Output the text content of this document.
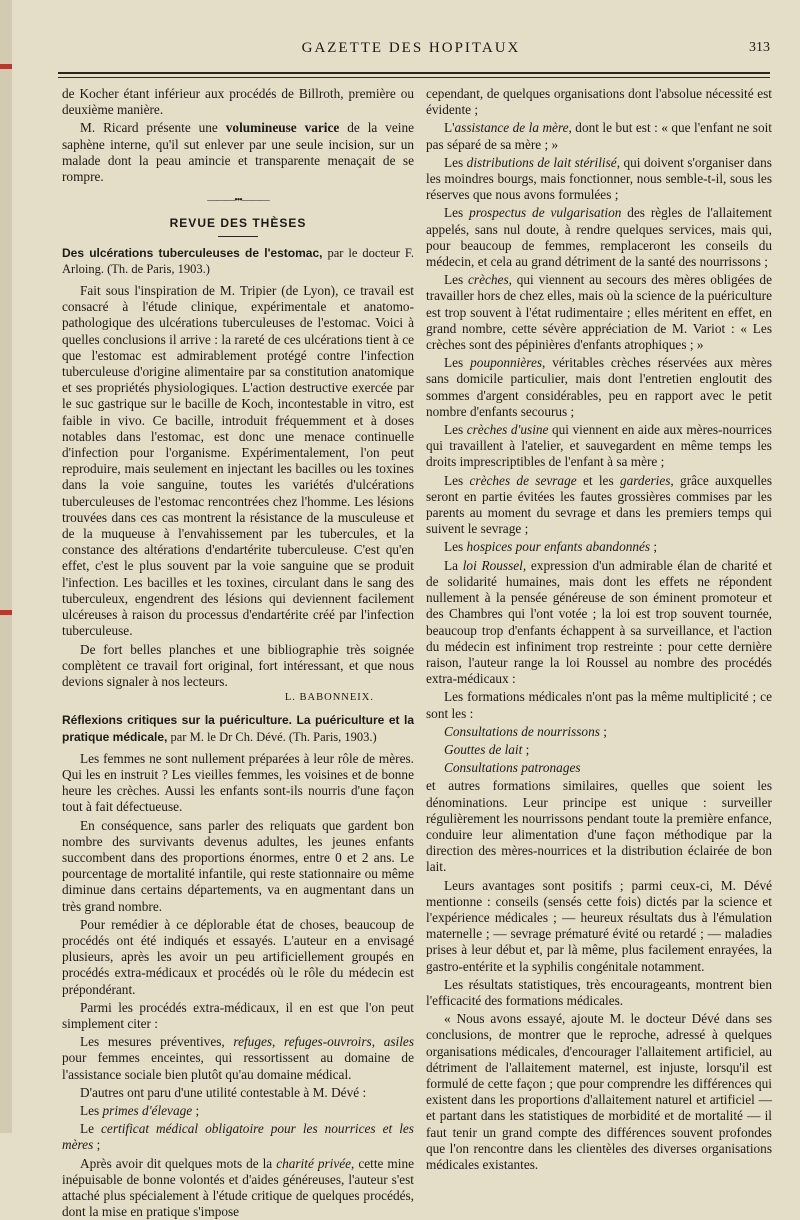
GAZETTE DES HOPITAUX	313

de Kocher étant inférieur aux procédés de Billroth, première ou deuxième manière.

M. Ricard présente une volumineuse varice de la veine saphène interne, qu'il sut enlever par une seule incision, sur un malade dont la peau amincie et transparente menaçait de se rompre.

———•••———
REVUE DES THÈSES

Des ulcérations tuberculeuses de l'estomac, par le docteur F. Arloing. (Th. de Paris, 1903.)

Fait sous l'inspiration de M. Tripier (de Lyon), ce travail est consacré à l'étude clinique, expérimentale et anatomo-pathologique des ulcérations tuberculeuses de l'estomac. Voici à quelles conclusions il arrive : la rareté de ces ulcérations tient à ce que l'estomac est admirablement protégé contre l'infection tuberculeuse d'origine alimentaire par sa constitution anatomique et ses propriétés physiologiques. L'action destructive exercée par le suc gastrique sur le bacille de Koch, incontestable in vitro, est faible in vivo. Ce bacille, introduit fréquemment et à doses notables dans l'estomac, est donc une menace continuelle d'infection pour l'organisme. Expérimentalement, l'on peut reproduire, mais seulement en injectant les bacilles ou les toxines dans la voie sanguine, toutes les variétés d'ulcérations tuberculeuses de l'estomac rencontrées chez l'homme. Les lésions trouvées dans ces cas montrent la résistance de la musculeuse et de la muqueuse à l'envahissement par les tubercules, et la constance des altérations d'endartérite tuberculeuse. C'est qu'en effet, c'est le plus souvent par la voie sanguine que se produit l'infection. Les bacilles et les toxines, circulant dans le sang des tuberculeux, engendrent des lésions qui deviennent facilement ulcéreuses à raison du processus d'endartérite créé par l'infection tuberculeuse.

De fort belles planches et une bibliographie très soignée complètent ce travail fort original, fort intéressant, et que nous devions signaler à nos lecteurs.

L. BABONNEIX.

Réflexions critiques sur la puériculture. La puériculture et la pratique médicale, par M. le Dr Ch. Dévé. (Th. Paris, 1903.)

Les femmes ne sont nullement préparées à leur rôle de mères. Qui les en instruit ? Les vieilles femmes, les voisines et de bonne heure les crèches. Aussi les enfants sont-ils nourris d'une façon tout à fait défectueuse.

En conséquence, sans parler des reliquats que gardent bon nombre des survivants devenus adultes, les jeunes enfants succombent dans des proportions énormes, entre 0 et 2 ans. Le pourcentage de mortalité infantile, qui reste stationnaire ou même diminue dans certains départements, va en augmentant dans un très grand nombre.

Pour remédier à ce déplorable état de choses, beaucoup de procédés ont été indiqués et essayés. L'auteur en a envisagé plusieurs, après les avoir un peu artificiellement groupés en procédés extra-médicaux et procédés où le rôle du médecin est prépondérant.

Parmi les procédés extra-médicaux, il en est que l'on peut simplement citer :

Les mesures préventives, refuges, refuges-ouvroirs, asiles pour femmes enceintes, qui ressortissent au domaine de l'assistance sociale bien plutôt qu'au domaine médical.

D'autres ont paru d'une utilité contestable à M. Dévé :

Les primes d'élevage ;

Le certificat médical obligatoire pour les nourrices et les mères ;

Après avoir dit quelques mots de la charité privée, cette mine inépuisable de bonne volontés et d'aides généreuses, l'auteur s'est attaché plus spécialement à l'étude critique de quelques procédés, dont la mise en pratique s'impose

cependant, de quelques organisations dont l'absolue nécessité est évidente ;

L'assistance de la mère, dont le but est : « que l'enfant ne soit pas séparé de sa mère ; »

Les distributions de lait stérilisé, qui doivent s'organiser dans les moindres bourgs, mais fonctionner, nous semble-t-il, sous les réserves que nous avons formulées ;

Les prospectus de vulgarisation des règles de l'allaitement appelés, sans nul doute, à rendre quelques services, mais qui, pour beaucoup de femmes, remplaceront les conseils du médecin, et cela au grand détriment de la santé des nourrissons ;

Les crèches, qui viennent au secours des mères obligées de travailler hors de chez elles, mais où la science de la puériculture est trop souvent à l'état rudimentaire ; elles méritent en effet, en grand nombre, cette sévère appréciation de M. Variot : « Les crèches sont des pépinières d'enfants atrophiques ; »

Les pouponnières, véritables crèches réservées aux mères sans domicile particulier, mais dont l'entretien engloutit des sommes d'argent considérables, peu en rapport avec le petit nombre d'enfants secourus ;

Les crèches d'usine qui viennent en aide aux mères-nourrices qui travaillent à l'atelier, et sauvegardent en même temps les droits imprescriptibles de l'enfant à sa mère ;

Les crèches de sevrage et les garderies, grâce auxquelles seront en partie évitées les fautes grossières commises par les parents au moment du sevrage et dans les premiers temps qui suivent le sevrage ;

Les hospices pour enfants abandonnés ;

La loi Roussel, expression d'un admirable élan de charité et de solidarité humaines, mais dont les effets ne répondent nullement à la pensée généreuse de son éminent promoteur et des Chambres qui l'ont votée ; la loi est trop souvent tournée, beaucoup trop d'enfants échappent à sa surveillance, et l'action du médecin est infiniment trop restreinte : pour cette dernière raison, l'auteur range la loi Roussel au nombre des procédés extra-médicaux :

Les formations médicales n'ont pas la même multiplicité ; ce sont les :

Consultations de nourrissons ;

Gouttes de lait ;

Consultations patronages

et autres formations similaires, quelles que soient les dénominations. Leur principe est unique : surveiller régulièrement les nourrissons pendant toute la première enfance, conduire leur alimentation d'une façon méthodique par la direction des mères-nourrices et la distribution éclairée de bon lait.

Leurs avantages sont positifs ; parmi ceux-ci, M. Dévé mentionne : conseils (sensés cette fois) dictés par la science et l'expérience médicales ; — heureux résultats dus à l'émulation maternelle ; — sevrage prématuré évité ou retardé ; — maladies prises à leur début et, par là même, plus facilement enrayées, la gastro-entérite et la syphilis congénitale notamment.

Les résultats statistiques, très encourageants, montrent bien l'efficacité des formations médicales.

« Nous avons essayé, ajoute M. le docteur Dévé dans ses conclusions, de montrer que le reproche, adressé à quelques organisations médicales, d'encourager l'allaitement artificiel, au détriment de l'allaitement maternel, est injuste, lorsqu'il est formulé de cette façon ; que pour comprendre les différences qui existent dans les proportions d'allaitement naturel et artificiel — et partant dans les statistiques de morbidité et de mortalité — il faut tenir un grand compte des différences souvent profondes que l'on rencontre dans les clientèles des diverses organisations médicales existantes.
